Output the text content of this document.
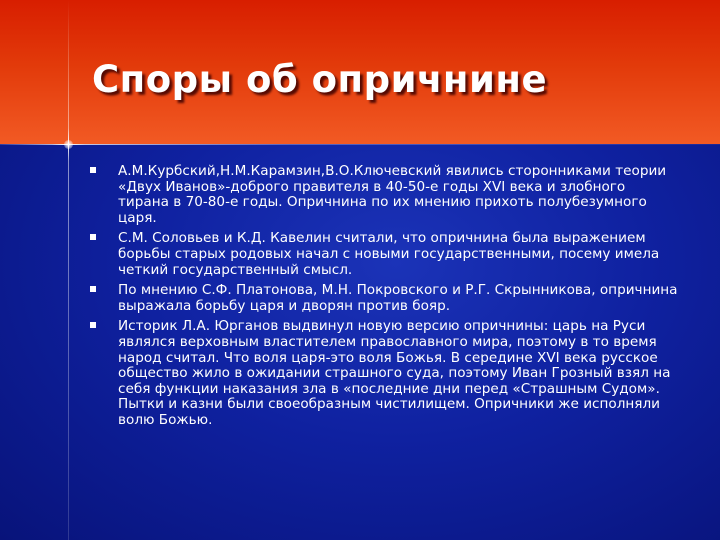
Споры об опричнине
А.М.Курбский,Н.М.Карамзин,В.О.Ключевский явились сторонниками теории «Двух Иванов»-доброго правителя в 40-50-е годы XVI века и злобного тирана в 70-80-е годы. Опричнина по их мнению прихоть полубезумного царя.
С.М. Соловьев и К.Д. Кавелин считали, что опричнина была выражением борьбы старых родовых начал с новыми государственными, посему имела четкий государственный смысл.
По мнению С.Ф. Платонова, М.Н. Покровского и Р.Г. Скрынникова, опричнина выражала борьбу царя и дворян против бояр.
Историк Л.А. Юрганов выдвинул новую версию опричнины: царь на Руси являлся верховным властителем православного мира, поэтому в то время народ считал. Что воля царя-это воля Божья. В середине XVI века русское общество жило в ожидании страшного суда, поэтому Иван Грозный взял на себя функции наказания зла в «последние дни перед «Страшным Судом». Пытки и казни были своеобразным чистилищем. Опричники же исполняли волю Божью.
